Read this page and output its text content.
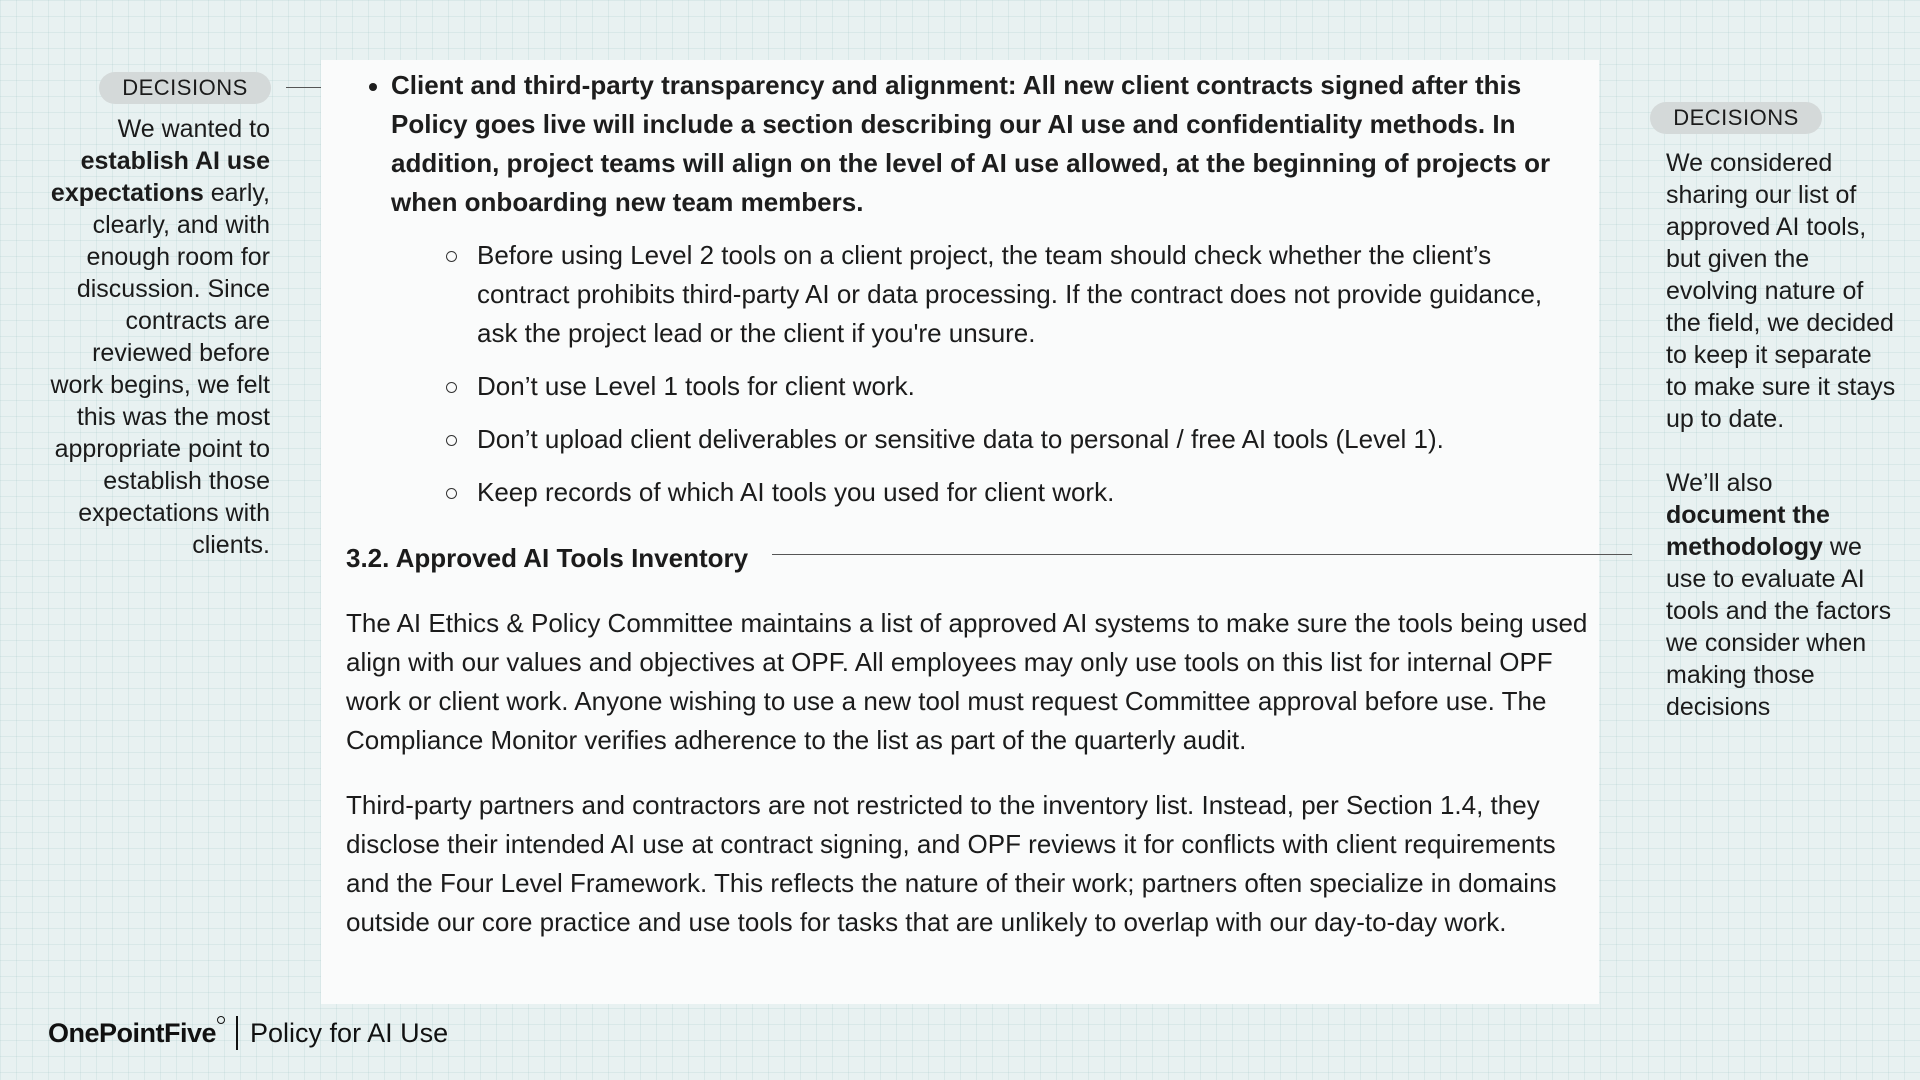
DECISIONS
We wanted to establish AI use expectations early, clearly, and with enough room for discussion. Since contracts are reviewed before work begins, we felt this was the most appropriate point to establish those expectations with clients.
DECISIONS

We considered sharing our list of approved AI tools, but given the evolving nature of the field, we decided to keep it separate to make sure it stays up to date.

We’ll also document the methodology we use to evaluate AI tools and the factors we consider when making those decisions

Client and third-party transparency and alignment: All new client contracts signed after this Policy goes live will include a section describing our AI use and confidentiality methods. In addition, project teams will align on the level of AI use allowed, at the beginning of projects or when onboarding new team members.
Before using Level 2 tools on a client project, the team should check whether the client’s contract prohibits third-party AI or data processing. If the contract does not provide guidance, ask the project lead or the client if you're unsure.
Don’t use Level 1 tools for client work.
Don’t upload client deliverables or sensitive data to personal / free AI tools (Level 1).
Keep records of which AI tools you used for client work.
3.2. Approved AI Tools Inventory

The AI Ethics & Policy Committee maintains a list of approved AI systems to make sure the tools being used align with our values and objectives at OPF. All employees may only use tools on this list for internal OPF work or client work. Anyone wishing to use a new tool must request Committee approval before use. The Compliance Monitor verifies adherence to the list as part of the quarterly audit.

Third-party partners and contractors are not restricted to the inventory list. Instead, per Section 1.4, they disclose their intended AI use at contract signing, and OPF reviews it for conflicts with client requirements and the Four Level Framework. This reflects the nature of their work; partners often specialize in domains outside our core practice and use tools for tasks that are unlikely to overlap with our day-to-day work.

OnePointFive Policy for AI Use
